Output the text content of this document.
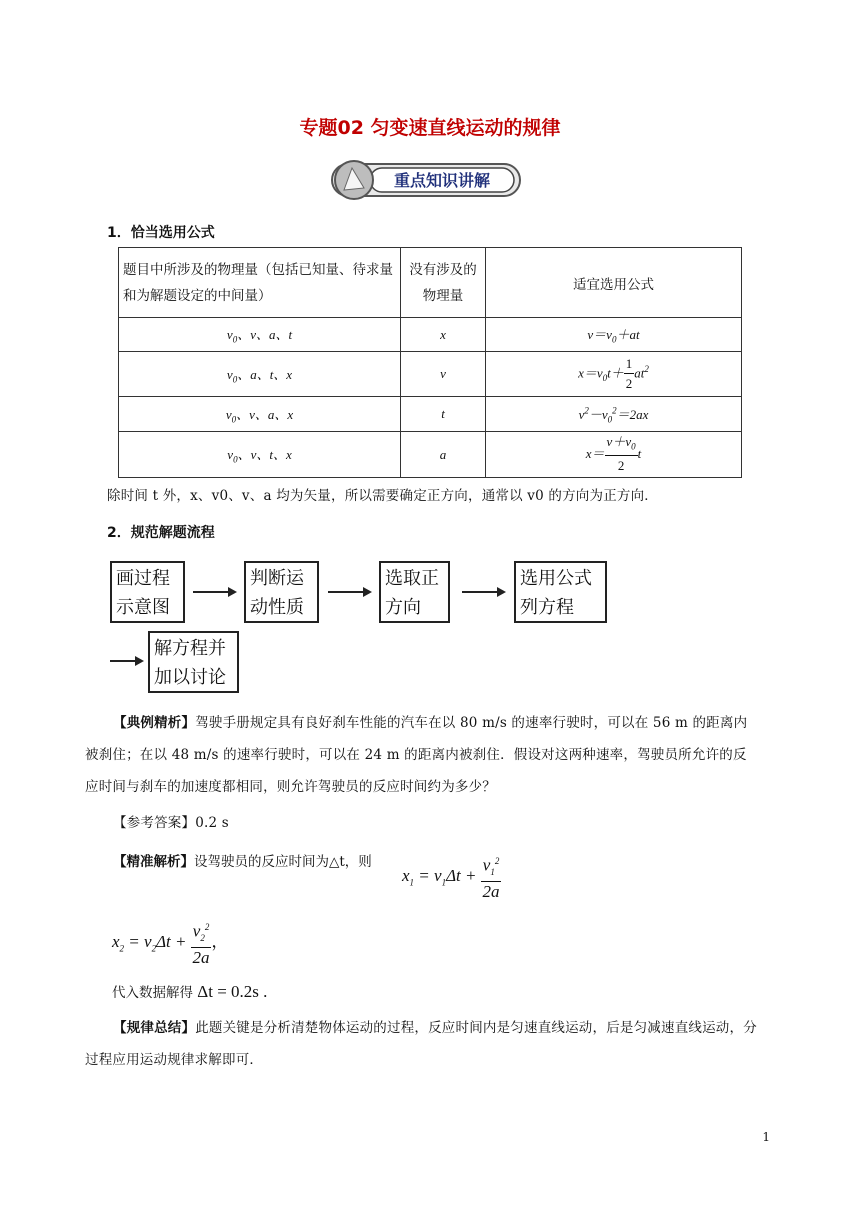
专题02 匀变速直线运动的规律
重点知识讲解
1．恰当选用公式
题目中所涉及的物理量（包括已知量、待求量和为解题设定的中间量）	没有涉及的物理量	适宜选用公式
$v_0$、v、a、t	x	$v=v_0+at$
$v_0$、a、t、x	v	$x=v_0t+ \frac{1}{2} at^2$
$v_0$、v、a、x	t	$v^2-v_0^2=2ax$
$v_0$、v、t、x	a	$x= \frac{v+v_0}{2}$ t
除时间 t 外，x、v0、v、a 均为矢量，所以需要确定正方向，通常以 v0 的方向为正方向．
2．规范解题流程
画过程示意图
判断运动性质
选取正方向
选用公式列方程
解方程并加以讨论
【典例精析】驾驶手册规定具有良好刹车性能的汽车在以 80 m/s 的速率行驶时，可以在 56 m 的距离内被刹住；在以 48 m/s 的速率行驶时，可以在 24 m 的距离内被刹住．假设对这两种速率，驾驶员所允许的反应时间与刹车的加速度都相同，则允许驾驶员的反应时间约为多少？
【参考答案】0.2 s
【精准解析】设驾驶员的反应时间为△t，则
$x_1 = v_1\Delta t + \frac{v_1^2}{2a}$
$x_2 = v_2\Delta t + \frac{v_2^2}{2a}$ ，
代入数据解得 Δt = 0.2s .
【规律总结】此题关键是分析清楚物体运动的过程，反应时间内是匀速直线运动，后是匀减速直线运动，分过程应用运动规律求解即可．
1
